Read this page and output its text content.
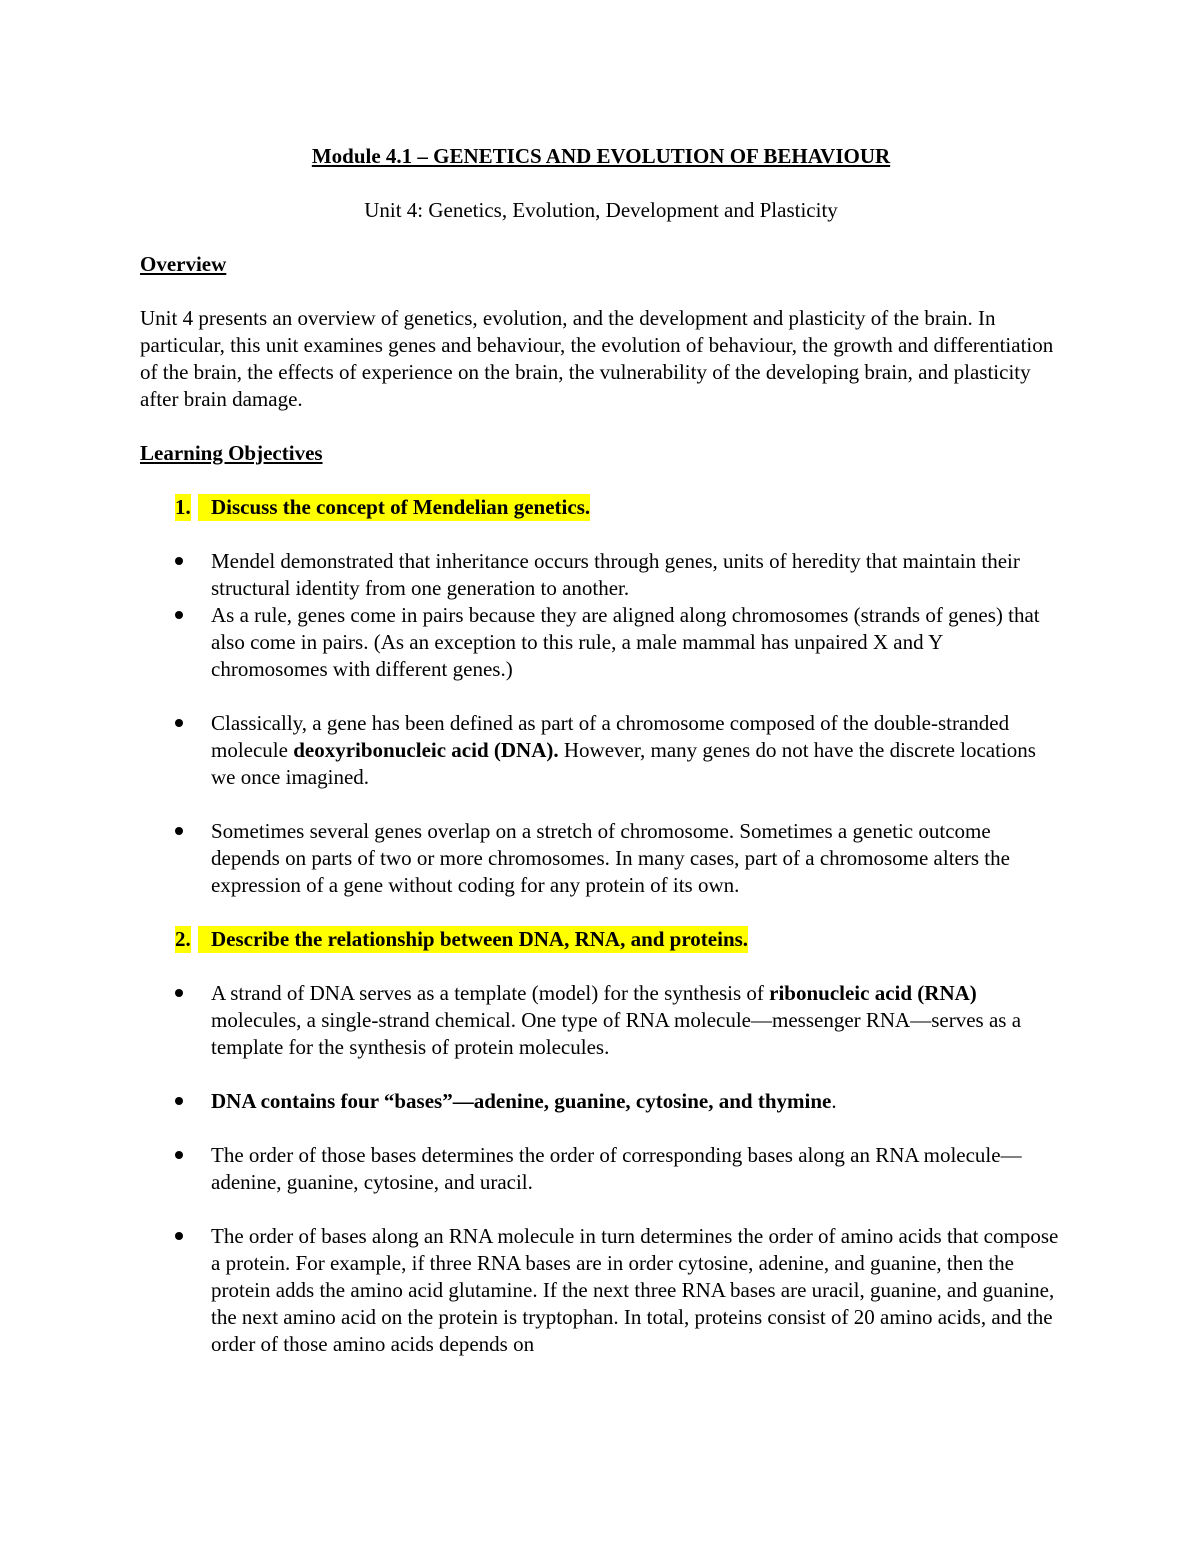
Module 4.1 – GENETICS AND EVOLUTION OF BEHAVIOUR
Unit 4: Genetics, Evolution, Development and Plasticity
Overview
Unit 4 presents an overview of genetics, evolution, and the development and plasticity of the brain. In particular, this unit examines genes and behaviour, the evolution of behaviour, the growth and differentiation of the brain, the effects of experience on the brain, the vulnerability of the developing brain, and plasticity after brain damage.
Learning Objectives
1. Discuss the concept of Mendelian genetics.
Mendel demonstrated that inheritance occurs through genes, units of heredity that maintain their structural identity from one generation to another.
As a rule, genes come in pairs because they are aligned along chromosomes (strands of genes) that also come in pairs. (As an exception to this rule, a male mammal has unpaired X and Y chromosomes with different genes.)
Classically, a gene has been defined as part of a chromosome composed of the double-stranded molecule deoxyribonucleic acid (DNA). However, many genes do not have the discrete locations we once imagined.
Sometimes several genes overlap on a stretch of chromosome. Sometimes a genetic outcome depends on parts of two or more chromosomes. In many cases, part of a chromosome alters the expression of a gene without coding for any protein of its own.
2. Describe the relationship between DNA, RNA, and proteins.
A strand of DNA serves as a template (model) for the synthesis of ribonucleic acid (RNA) molecules, a single-strand chemical. One type of RNA molecule—messenger RNA—serves as a template for the synthesis of protein molecules.
DNA contains four “bases”—adenine, guanine, cytosine, and thymine.
The order of those bases determines the order of corresponding bases along an RNA molecule—adenine, guanine, cytosine, and uracil.
The order of bases along an RNA molecule in turn determines the order of amino acids that compose a protein. For example, if three RNA bases are in order cytosine, adenine, and guanine, then the protein adds the amino acid glutamine. If the next three RNA bases are uracil, guanine, and guanine, the next amino acid on the protein is tryptophan. In total, proteins consist of 20 amino acids, and the order of those amino acids depends on
